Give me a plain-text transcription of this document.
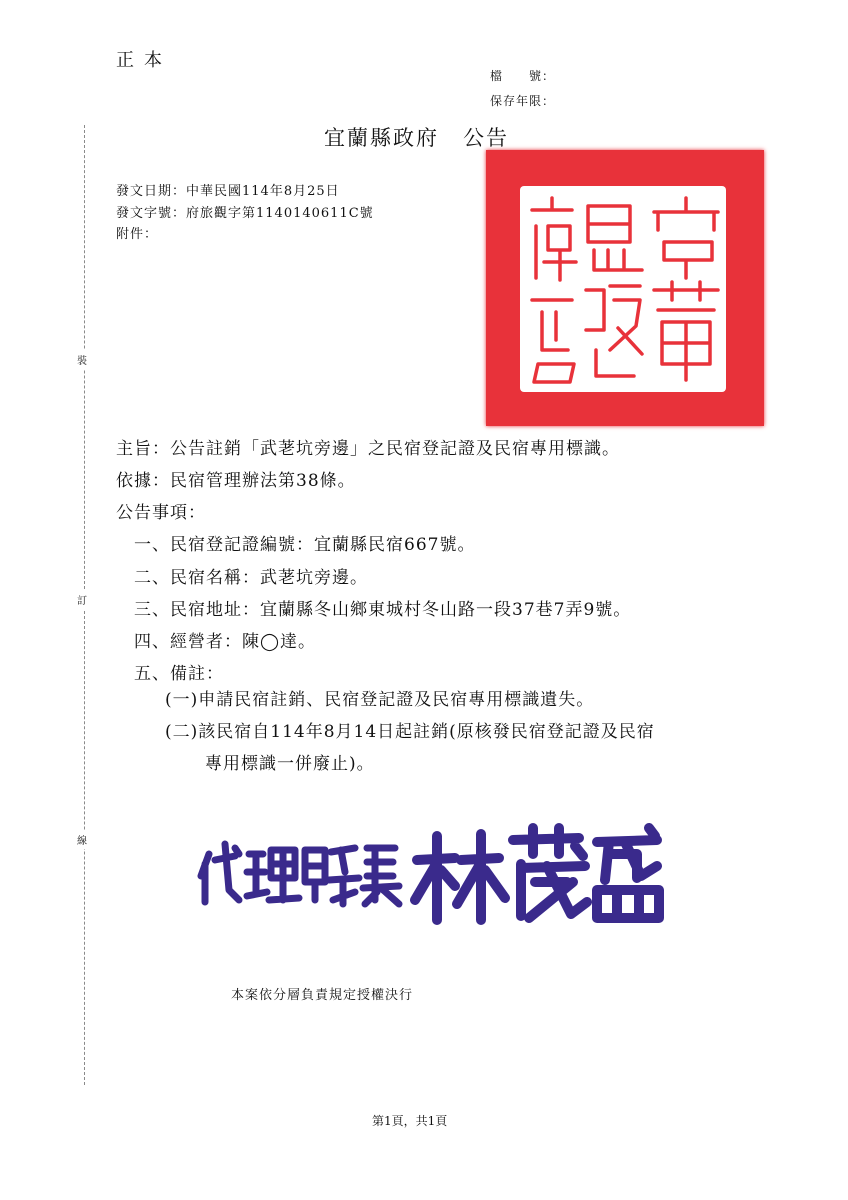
正本
檔　　號：
保存年限：
裝
訂
線
宜蘭縣政府 公告
發文日期：中華民國114年8月25日
發文字號：府旅觀字第1140140611C號
附件：
主旨：公告註銷「武荖坑旁邊」之民宿登記證及民宿專用標識。
依據：民宿管理辦法第38條。
公告事項：
一、民宿登記證編號：宜蘭縣民宿667號。
二、民宿名稱：武荖坑旁邊。
三、民宿地址：宜蘭縣冬山鄉東城村冬山路一段37巷7弄9號。
四、經營者：陳◯達。
五、備註：
(一)申請民宿註銷、民宿登記證及民宿專用標識遺失。
(二)該民宿自114年8月14日起註銷(原核發民宿登記證及民宿
專用標識一併廢止)。
本案依分層負責規定授權決行
第1頁，共1頁
